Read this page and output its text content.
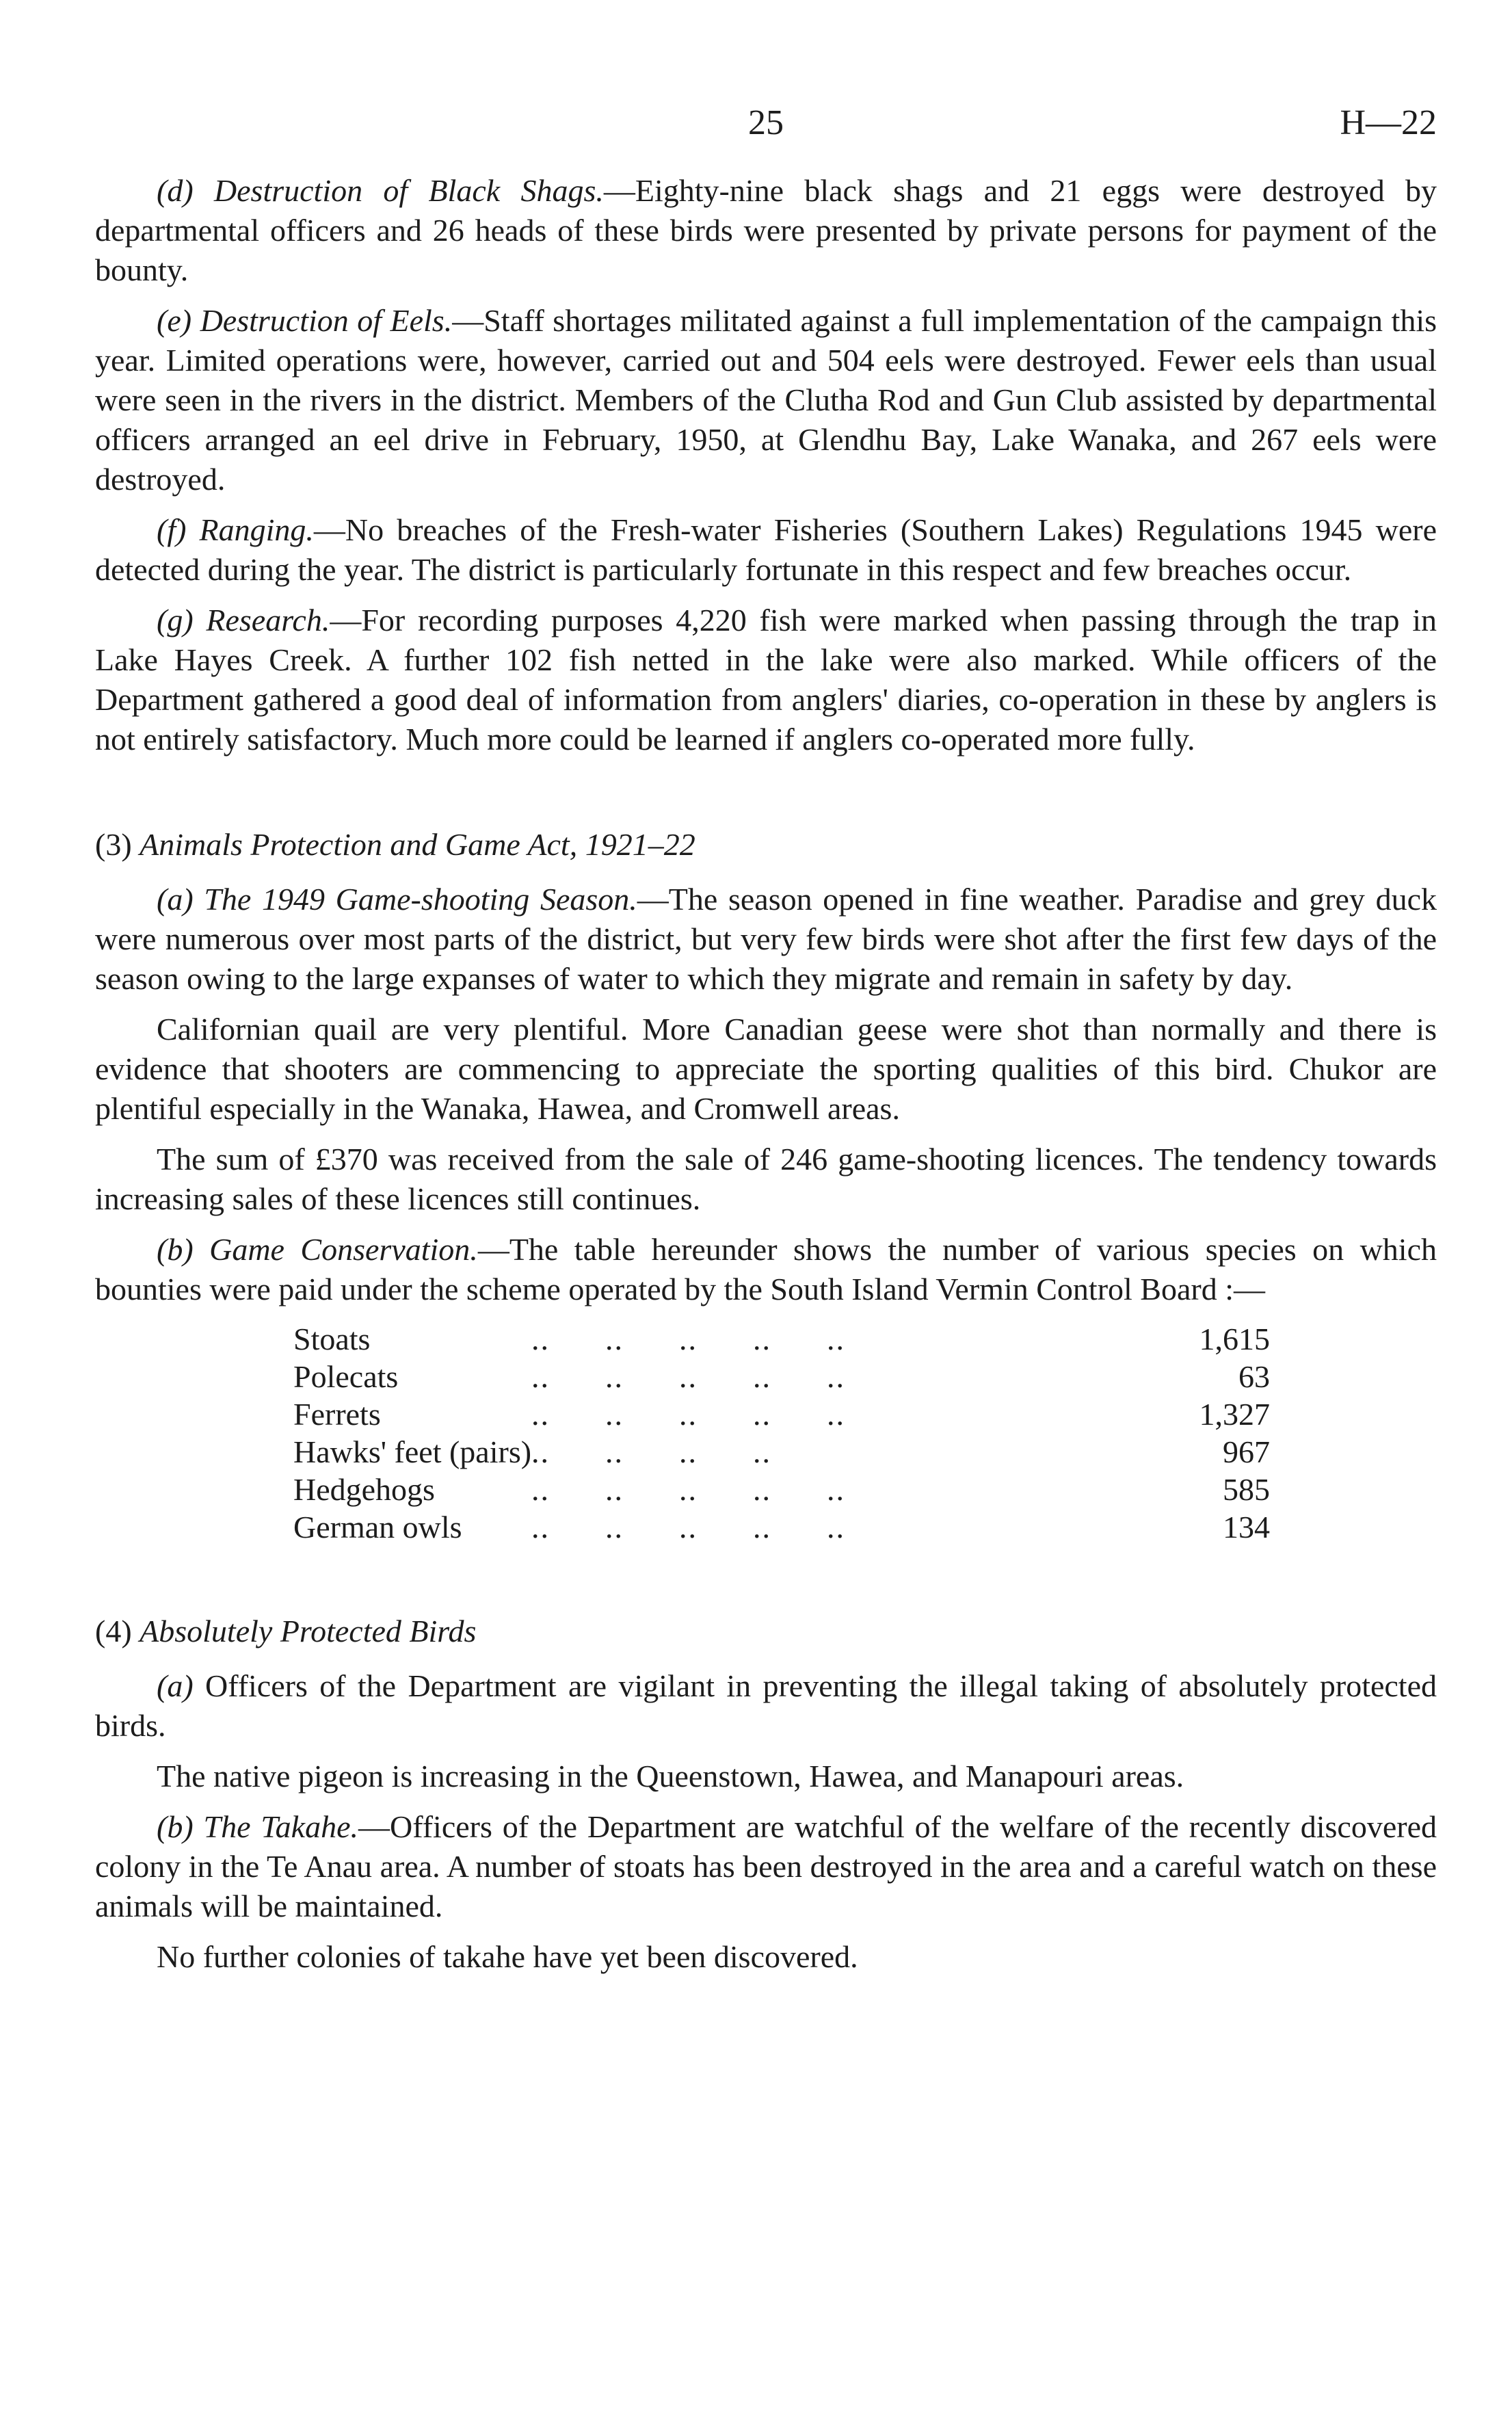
25	H—22

(d) Destruction of Black Shags.—Eighty-nine black shags and 21 eggs were destroyed by departmental officers and 26 heads of these birds were presented by private persons for payment of the bounty.

(e) Destruction of Eels.—Staff shortages militated against a full implementation of the campaign this year. Limited operations were, however, carried out and 504 eels were destroyed. Fewer eels than usual were seen in the rivers in the district. Members of the Clutha Rod and Gun Club assisted by departmental officers arranged an eel drive in February, 1950, at Glendhu Bay, Lake Wanaka, and 267 eels were destroyed.

(f) Ranging.—No breaches of the Fresh-water Fisheries (Southern Lakes) Regulations 1945 were detected during the year. The district is particularly fortunate in this respect and few breaches occur.

(g) Research.—For recording purposes 4,220 fish were marked when passing through the trap in Lake Hayes Creek. A further 102 fish netted in the lake were also marked. While officers of the Department gathered a good deal of information from anglers' diaries, co-operation in these by anglers is not entirely satisfactory. Much more could be learned if anglers co-operated more fully.

(3) Animals Protection and Game Act, 1921–22

(a) The 1949 Game-shooting Season.—The season opened in fine weather. Paradise and grey duck were numerous over most parts of the district, but very few birds were shot after the first few days of the season owing to the large expanses of water to which they migrate and remain in safety by day.

Californian quail are very plentiful. More Canadian geese were shot than normally and there is evidence that shooters are commencing to appreciate the sporting qualities of this bird. Chukor are plentiful especially in the Wanaka, Hawea, and Cromwell areas.

The sum of £370 was received from the sale of 246 game-shooting licences. The tendency towards increasing sales of these licences still continues.

(b) Game Conservation.—The table hereunder shows the number of various species on which bounties were paid under the scheme operated by the South Island Vermin Control Board :—

Stoats	..      ..      ..      ..      ..	1,615
Polecats	..      ..      ..      ..      ..	63
Ferrets	..      ..      ..      ..      ..	1,327
Hawks' feet (pairs)	..      ..      ..      ..	967
Hedgehogs	..      ..      ..      ..      ..	585
German owls	..      ..      ..      ..      ..	134
(4) Absolutely Protected Birds

(a) Officers of the Department are vigilant in preventing the illegal taking of absolutely protected birds.

The native pigeon is increasing in the Queenstown, Hawea, and Manapouri areas.

(b) The Takahe.—Officers of the Department are watchful of the welfare of the recently discovered colony in the Te Anau area. A number of stoats has been destroyed in the area and a careful watch on these animals will be maintained.

No further colonies of takahe have yet been discovered.
